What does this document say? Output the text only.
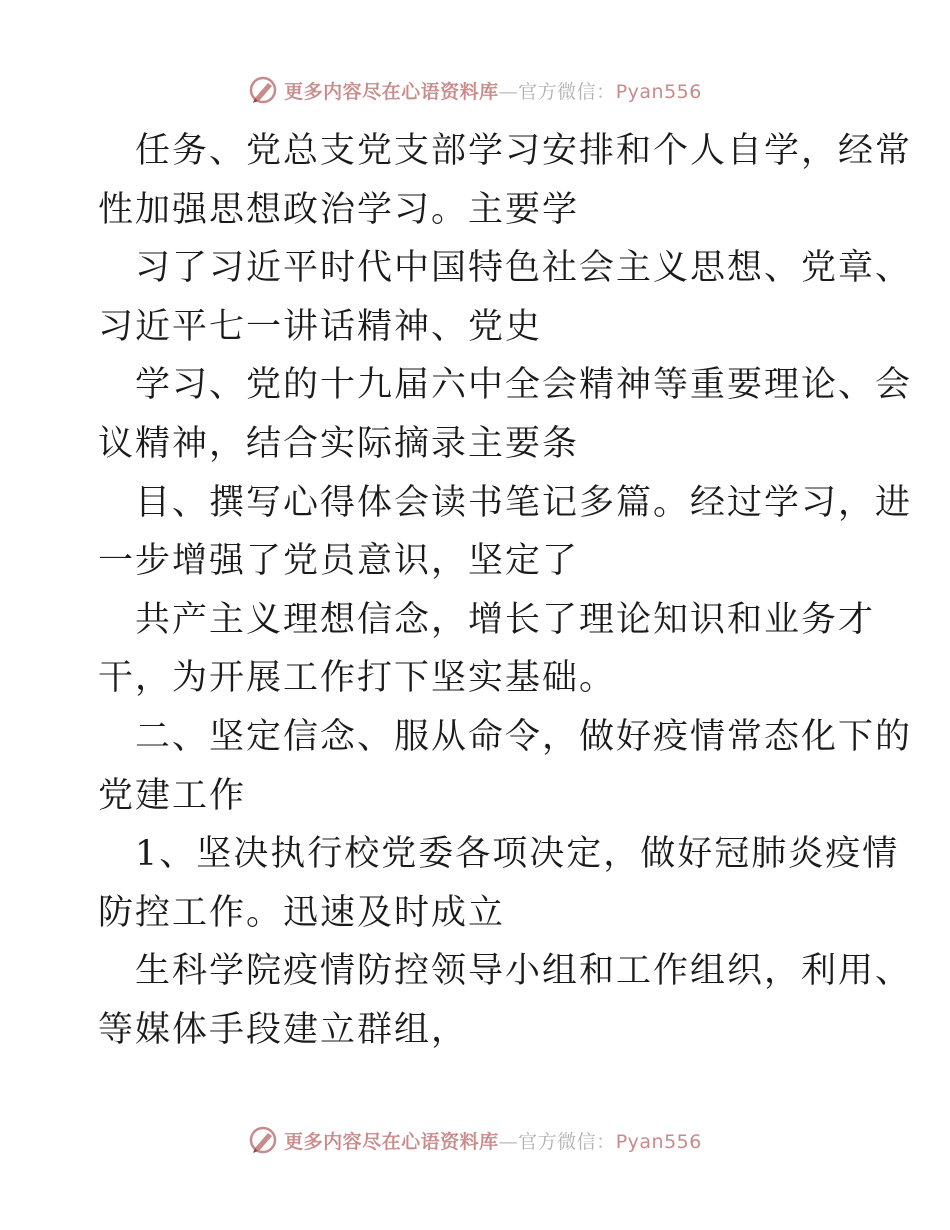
更多内容尽在心语资料库—官方微信：Pyan556
任务、党总支党支部学习安排和个人自学，经常
性加强思想政治学习。主要学
习了习近平时代中国特色社会主义思想、党章、
习近平七一讲话精神、党史
学习、党的十九届六中全会精神等重要理论、会
议精神，结合实际摘录主要条
目、撰写心得体会读书笔记多篇。经过学习，进
一步增强了党员意识，坚定了
共产主义理想信念，增长了理论知识和业务才
干，为开展工作打下坚实基础。
二、坚定信念、服从命令，做好疫情常态化下的
党建工作
1、坚决执行校党委各项决定，做好冠肺炎疫情
防控工作。迅速及时成立
生科学院疫情防控领导小组和工作组织，利用、
等媒体手段建立群组，
更多内容尽在心语资料库—官方微信：Pyan556
